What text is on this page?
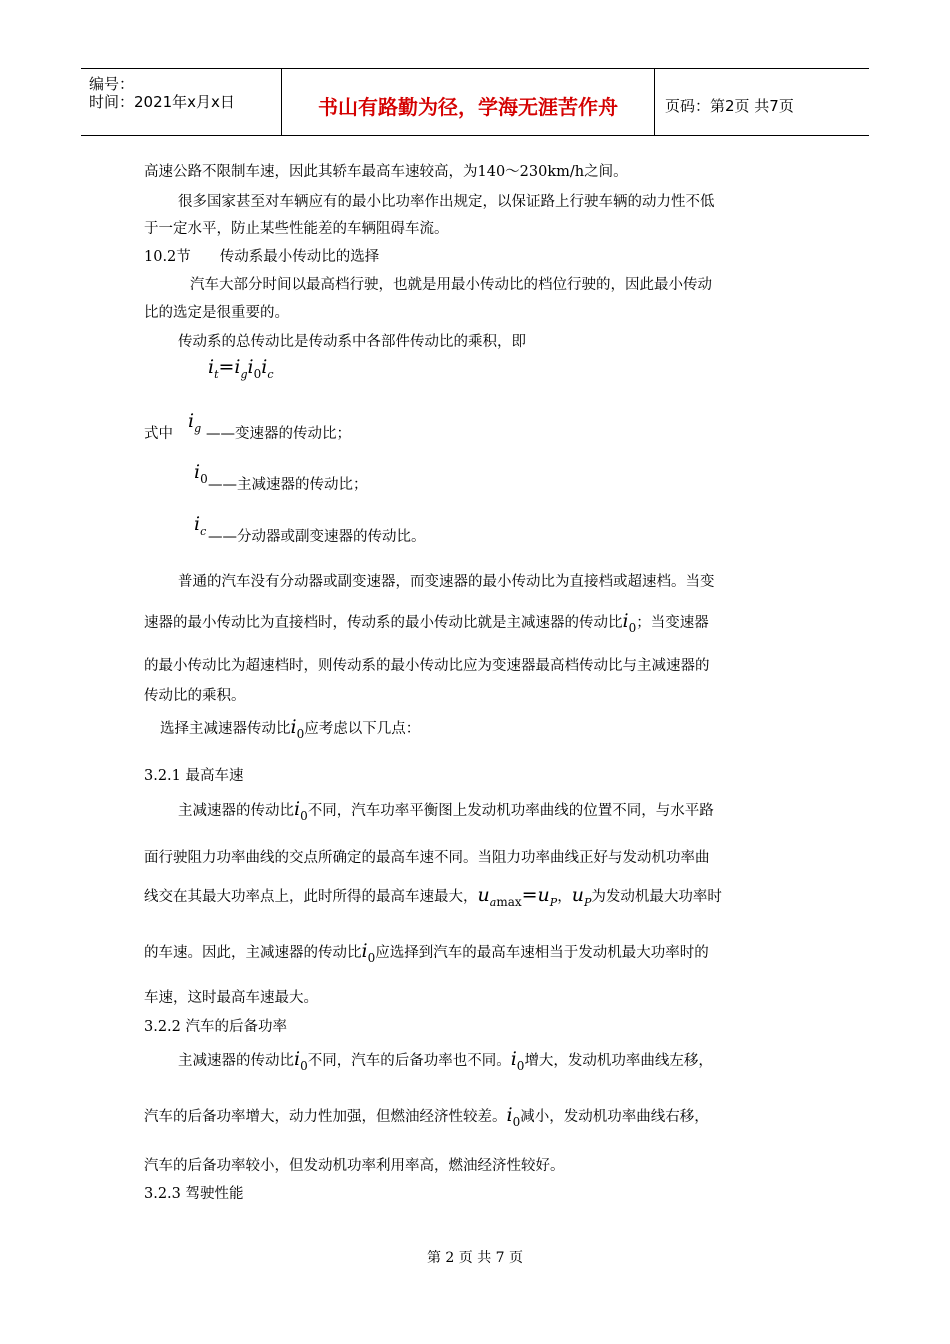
编号：
时间：2021年x月x日	书山有路勤为径，学海无涯苦作舟	页码：第2页 共7页
高速公路不限制车速，因此其轿车最高车速较高，为140～230km/h之间。
很多国家甚至对车辆应有的最小比功率作出规定，以保证路上行驶车辆的动力性不低
于一定水平，防止某些性能差的车辆阻碍车流。
10.2节　　传动系最小传动比的选择
汽车大部分时间以最高档行驶，也就是用最小传动比的档位行驶的，因此最小传动
比的选定是很重要的。
传动系的总传动比是传动系中各部件传动比的乘积，即
$i_t=i_gi_0i_c$
式中
$i_g$ ——变速器的传动比；
$i_0$ ——主减速器的传动比；
$i_c$ ——分动器或副变速器的传动比。
普通的汽车没有分动器或副变速器，而变速器的最小传动比为直接档或超速档。当变
速器的最小传动比为直接档时，传动系的最小传动比就是主减速器的传动比$i_0$；当变速器
的最小传动比为超速档时，则传动系的最小传动比应为变速器最高档传动比与主减速器的
传动比的乘积。
选择主减速器传动比$i_0$应考虑以下几点：
3.2.1 最高车速
主减速器的传动比$i_0$不同，汽车功率平衡图上发动机功率曲线的位置不同，与水平路
面行驶阻力功率曲线的交点所确定的最高车速不同。当阻力功率曲线正好与发动机功率曲
线交在其最大功率点上，此时所得的最高车速最大，$u_{amax}=u_P$，$u_P$为发动机最大功率时
的车速。因此，主减速器的传动比$i_0$应选择到汽车的最高车速相当于发动机最大功率时的
车速，这时最高车速最大。
3.2.2 汽车的后备功率
主减速器的传动比$i_0$不同，汽车的后备功率也不同。$i_0$增大，发动机功率曲线左移，
汽车的后备功率增大，动力性加强，但燃油经济性较差。$i_0$减小，发动机功率曲线右移，
汽车的后备功率较小，但发动机功率利用率高，燃油经济性较好。
3.2.3 驾驶性能
第 2 页 共 7 页
